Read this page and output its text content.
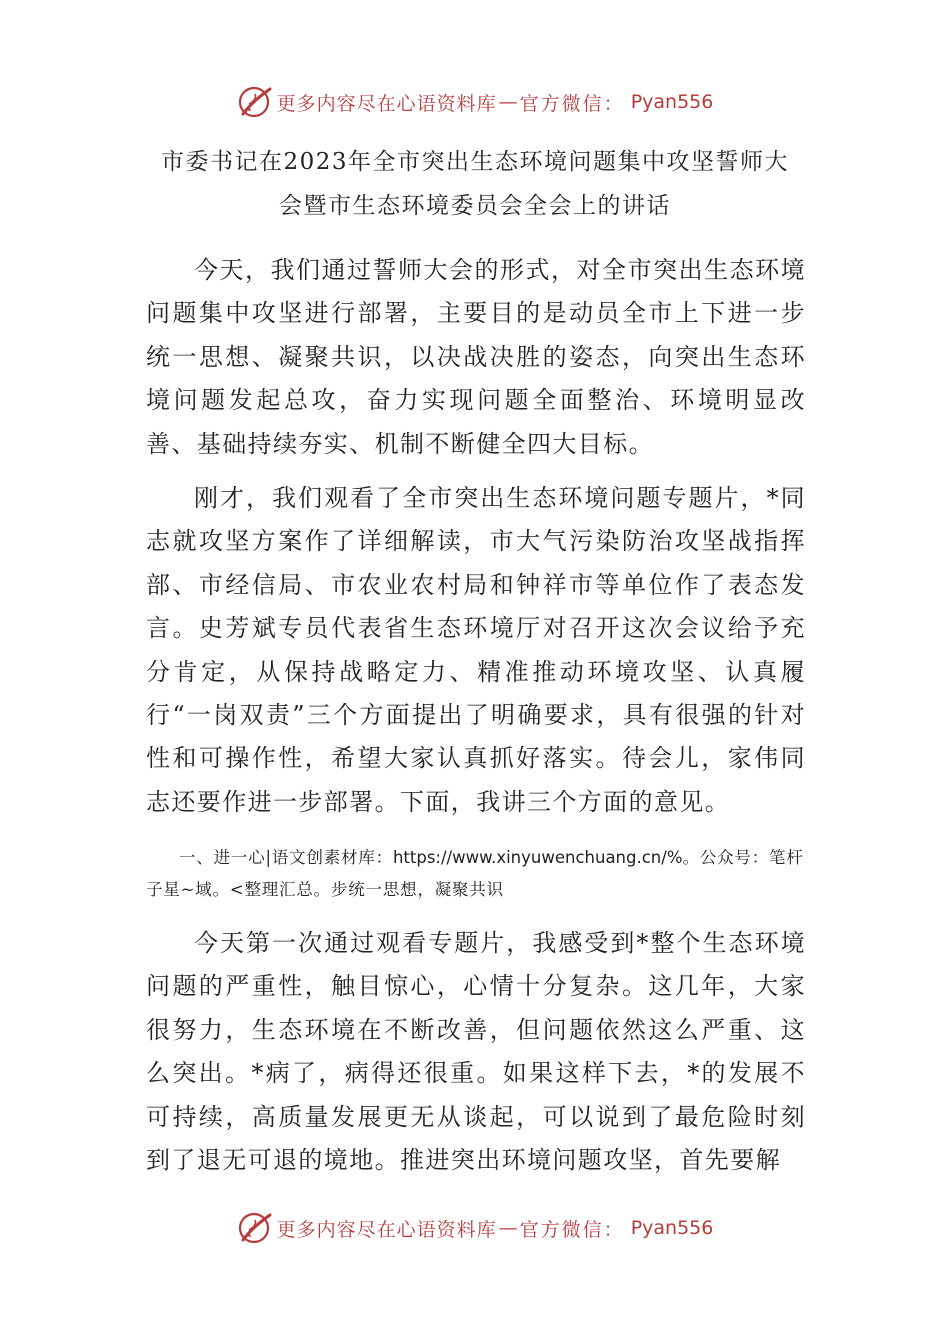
更多内容尽在心语资料库 — 官方微信： Pyan556
市委书记在2023年全市突出生态环境问题集中攻坚誓师大
会暨市生态环境委员会全会上的讲话

今天，我们通过誓师大会的形式，对全市突出生态环境问题集中攻坚进行部署，主要目的是动员全市上下进一步统一思想、凝聚共识，以决战决胜的姿态，向突出生态环境问题发起总攻，奋力实现问题全面整治、环境明显改善、基础持续夯实、机制不断健全四大目标。

刚才，我们观看了全市突出生态环境问题专题片，*同志就攻坚方案作了详细解读，市大气污染防治攻坚战指挥部、市经信局、市农业农村局和钟祥市等单位作了表态发言。史芳斌专员代表省生态环境厅对召开这次会议给予充分肯定，从保持战略定力、精准推动环境攻坚、认真履行“一岗双责”三个方面提出了明确要求，具有很强的针对性和可操作性，希望大家认真抓好落实。待会儿，家伟同志还要作进一步部署。下面，我讲三个方面的意见。

一、进一心|语文创素材库：https://www.xinyuwenchuang.cn/%。公众号：笔杆子星~域。<整理汇总。步统一思想，凝聚共识

今天第一次通过观看专题片，我感受到*整个生态环境问题的严重性，触目惊心，心情十分复杂。这几年，大家很努力，生态环境在不断改善，但问题依然这么严重、这么突出。*病了，病得还很重。如果这样下去，*的发展不可持续，高质量发展更无从谈起，可以说到了最危险时刻到了退无可退的境地。推进突出环境问题攻坚，首先要解

更多内容尽在心语资料库 — 官方微信： Pyan556
